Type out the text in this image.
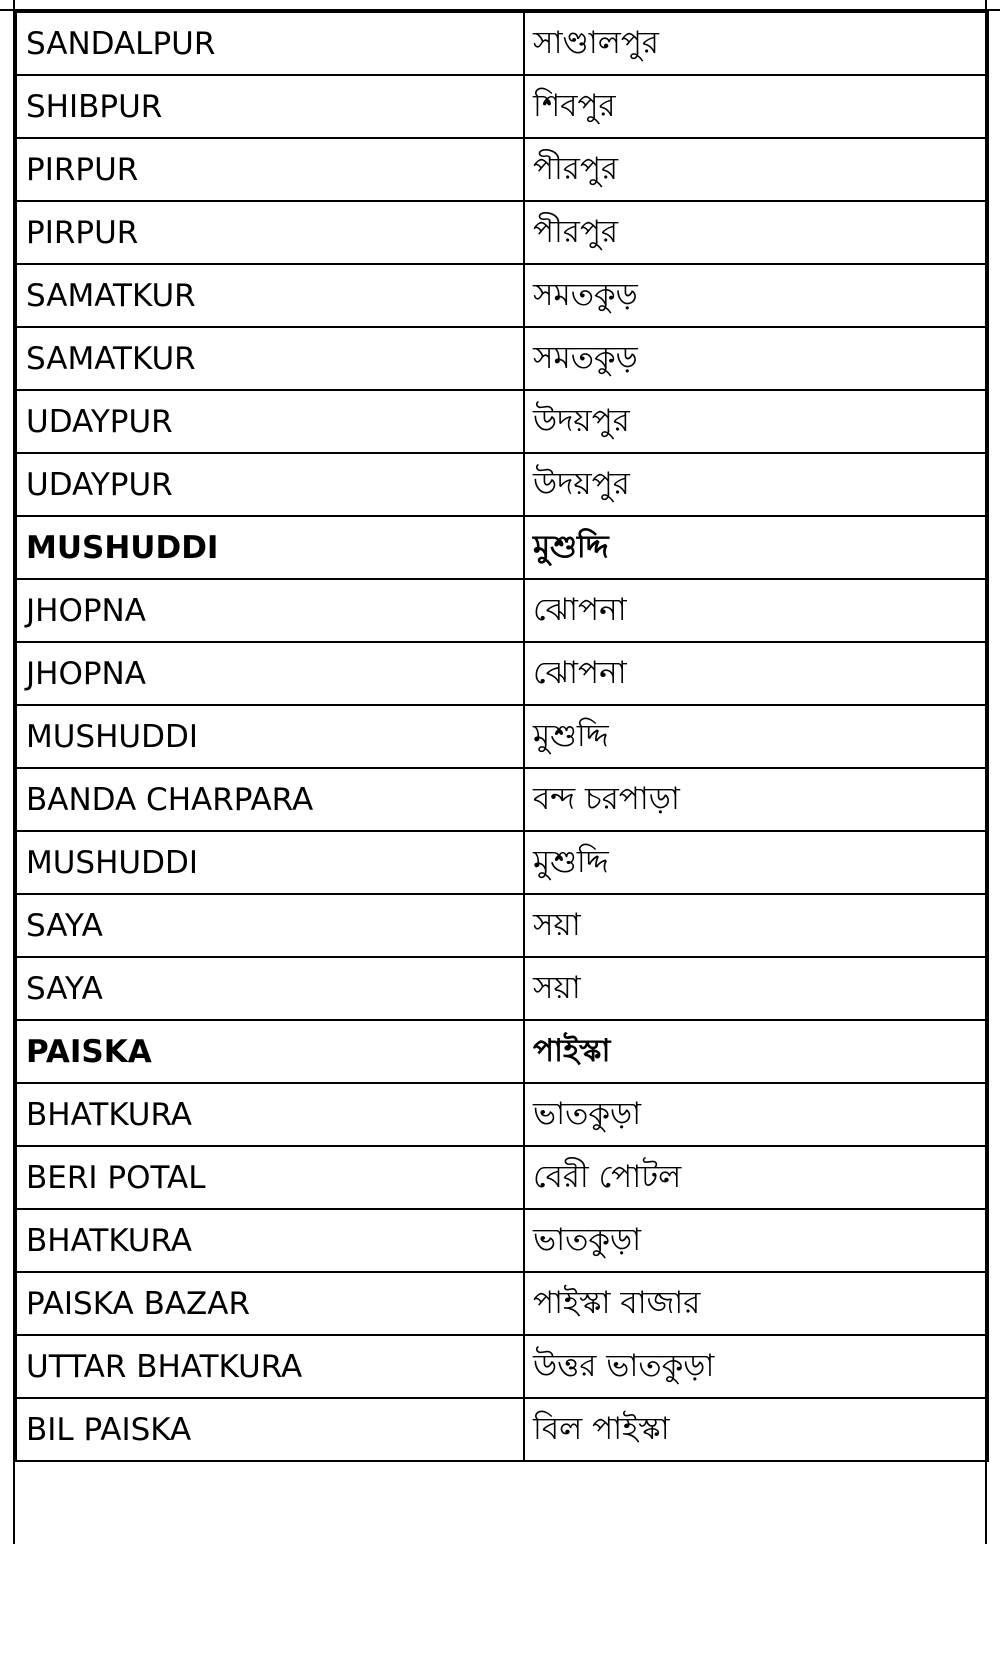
SANDALPUR	সাণ্ডালপুর
SHIBPUR	শিবপুর
PIRPUR	পীরপুর
PIRPUR	পীরপুর
SAMATKUR	সমতকুড়
SAMATKUR	সমতকুড়
UDAYPUR	উদয়পুর
UDAYPUR	উদয়পুর
MUSHUDDI	মুশুদ্দি
JHOPNA	ঝোপনা
JHOPNA	ঝোপনা
MUSHUDDI	মুশুদ্দি
BANDA CHARPARA	বন্দ চরপাড়া
MUSHUDDI	মুশুদ্দি
SAYA	সয়া
SAYA	সয়া
PAISKA	পাইস্কা
BHATKURA	ভাতকুড়া
BERI POTAL	বেরী পোটল
BHATKURA	ভাতকুড়া
PAISKA BAZAR	পাইস্কা বাজার
UTTAR BHATKURA	উত্তর ভাতকুড়া
BIL PAISKA	বিল পাইস্কা
